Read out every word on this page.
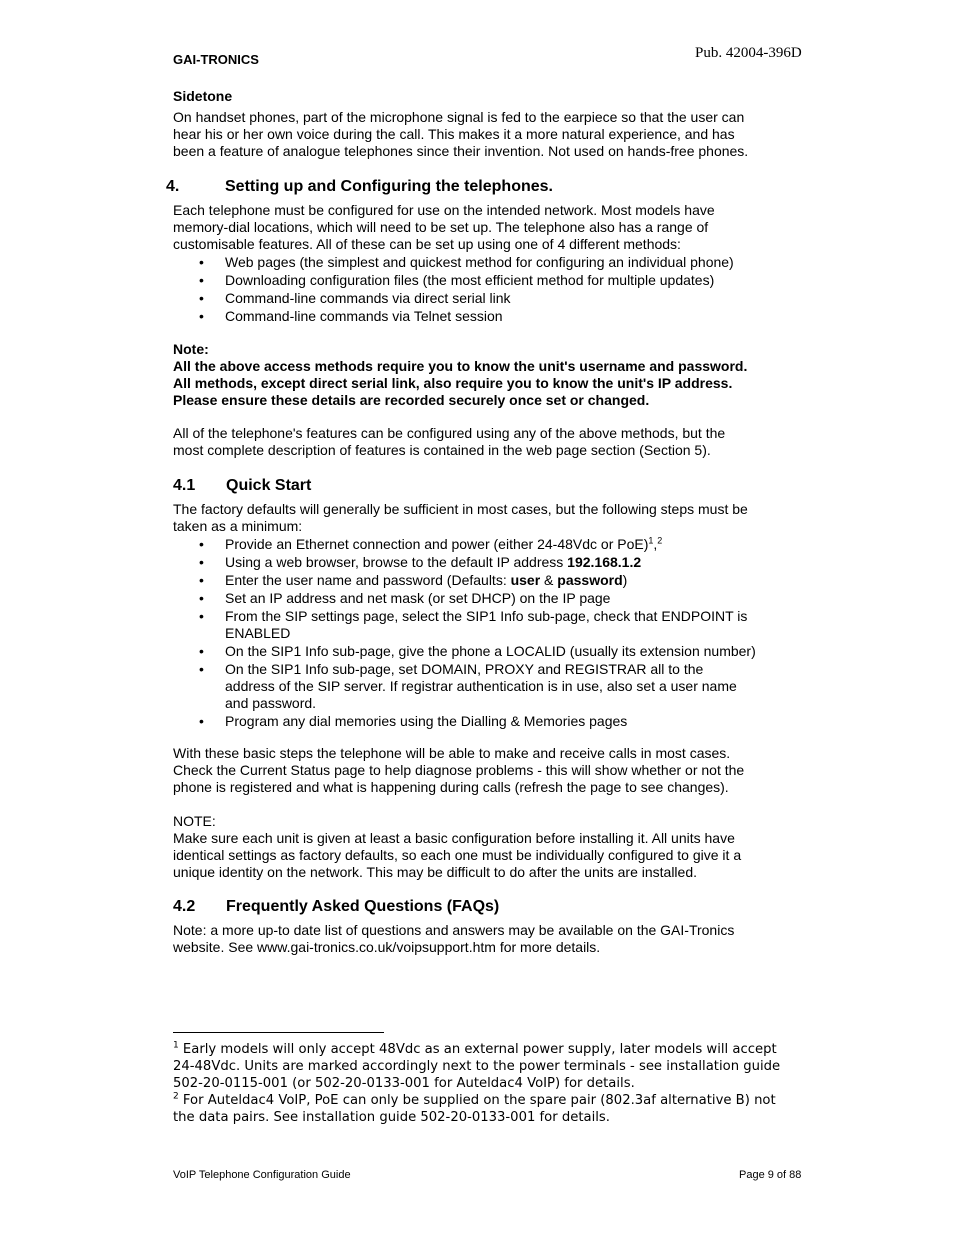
GAI-TRONICS	Pub. 42004-396D
Sidetone
On handset phones, part of the microphone signal is fed to the earpiece so that the user can
hear his or her own voice during the call. This makes it a more natural experience, and has
been a feature of analogue telephones since their invention. Not used on hands-free phones.
4.	Setting up and Configuring the telephones.
Each telephone must be configured for use on the intended network. Most models have
memory-dial locations, which will need to be set up. The telephone also has a range of
customisable features. All of these can be set up using one of 4 different methods:
• Web pages (the simplest and quickest method for configuring an individual phone)
• Downloading configuration files (the most efficient method for multiple updates)
• Command-line commands via direct serial link
• Command-line commands via Telnet session
Note:
All the above access methods require you to know the unit's username and password.
All methods, except direct serial link, also require you to know the unit's IP address.
Please ensure these details are recorded securely once set or changed.
All of the telephone's features can be configured using any of the above methods, but the
most complete description of features is contained in the web page section (Section 5).
4.1 Quick Start
The factory defaults will generally be sufficient in most cases, but the following steps must be
taken as a minimum:
• Provide an Ethernet connection and power (either 24-48Vdc or PoE)$^1$,$^2$
• Using a web browser, browse to the default IP address 192.168.1.2
• Enter the user name and password (Defaults: user & password)
• Set an IP address and net mask (or set DHCP) on the IP page
• From the SIP settings page, select the SIP1 Info sub-page, check that ENDPOINT is
ENABLED
• On the SIP1 Info sub-page, give the phone a LOCALID (usually its extension number)
• On the SIP1 Info sub-page, set DOMAIN, PROXY and REGISTRAR all to the
address of the SIP server. If registrar authentication is in use, also set a user name
and password.
• Program any dial memories using the Dialling & Memories pages
With these basic steps the telephone will be able to make and receive calls in most cases.
Check the Current Status page to help diagnose problems - this will show whether or not the
phone is registered and what is happening during calls (refresh the page to see changes).
NOTE:
Make sure each unit is given at least a basic configuration before installing it. All units have
identical settings as factory defaults, so each one must be individually configured to give it a
unique identity on the network. This may be difficult to do after the units are installed.
4.2 Frequently Asked Questions (FAQs)
Note: a more up-to date list of questions and answers may be available on the GAI-Tronics
website. See www.gai-tronics.co.uk/voipsupport.htm for more details.
$^1$ Early models will only accept 48Vdc as an external power supply, later models will accept
24-48Vdc. Units are marked accordingly next to the power terminals - see installation guide
502-20-0115-001 (or 502-20-0133-001 for Auteldac4 VoIP) for details.
$^2$ For Auteldac4 VoIP, PoE can only be supplied on the spare pair (802.3af alternative B) not
the data pairs. See installation guide 502-20-0133-001 for details.
VoIP Telephone Configuration Guide	Page 9 of 88
